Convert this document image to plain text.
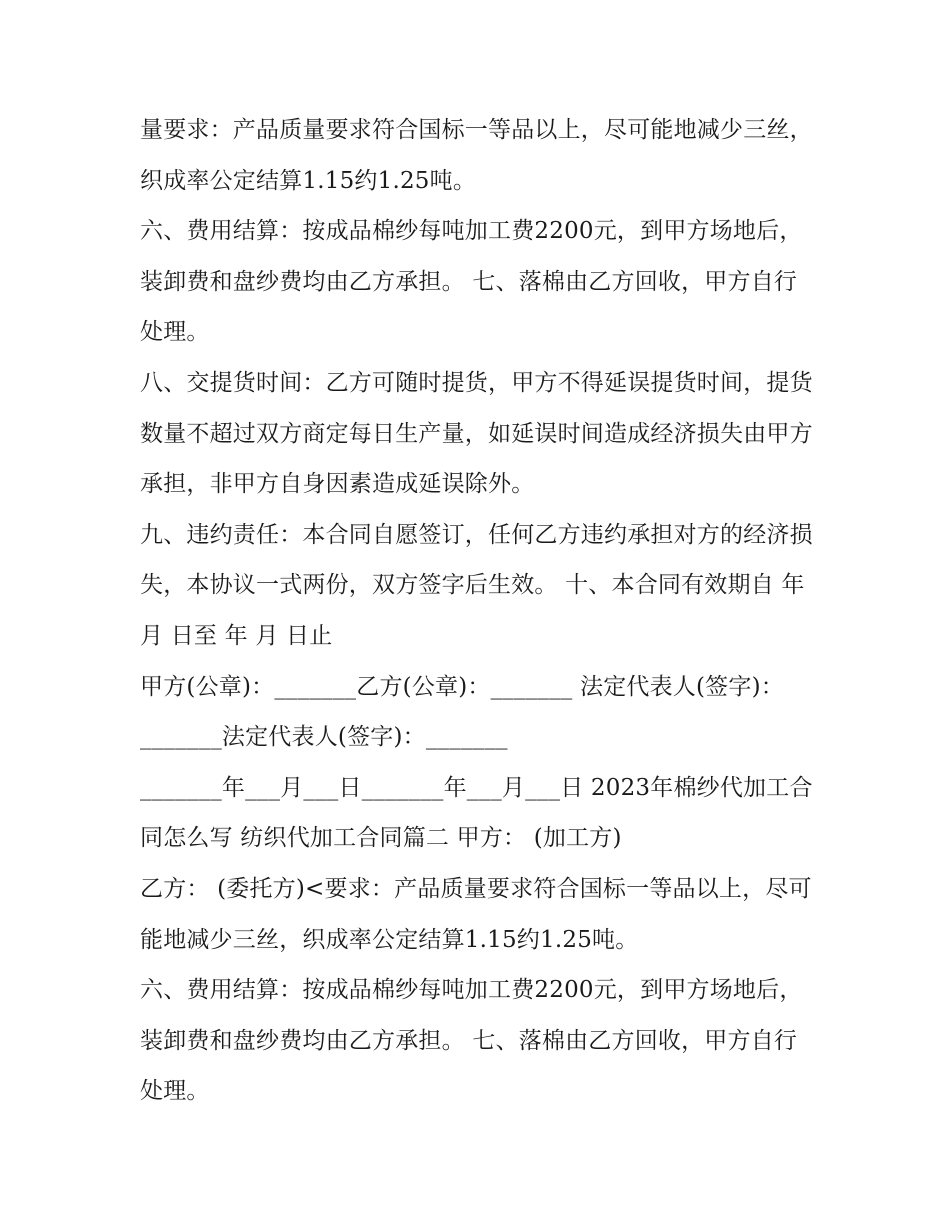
量要求：产品质量要求符合国标一等品以上，尽可能地减少三丝，织成率公定结算1.15约1.25吨。

六、费用结算：按成品棉纱每吨加工费2200元，到甲方场地后，装卸费和盘纱费均由乙方承担。 七、落棉由乙方回收，甲方自行处理。

八、交提货时间：乙方可随时提货，甲方不得延误提货时间，提货数量不超过双方商定每日生产量，如延误时间造成经济损失由甲方承担，非甲方自身因素造成延误除外。

九、违约责任：本合同自愿签订，任何乙方违约承担对方的经济损失，本协议一式两份，双方签字后生效。 十、本合同有效期自 年 月 日至 年 月 日止

甲方(公章)：_______乙方(公章)：_______ 法定代表人(签字)：_______法定代表人(签字)：_______

_______年___月___日_______年___月___日 2023年棉纱代加工合同怎么写 纺织代加工合同篇二 甲方： (加工方)

乙方： (委托方)<要求：产品质量要求符合国标一等品以上，尽可能地减少三丝，织成率公定结算1.15约1.25吨。

六、费用结算：按成品棉纱每吨加工费2200元，到甲方场地后，装卸费和盘纱费均由乙方承担。 七、落棉由乙方回收，甲方自行处理。
